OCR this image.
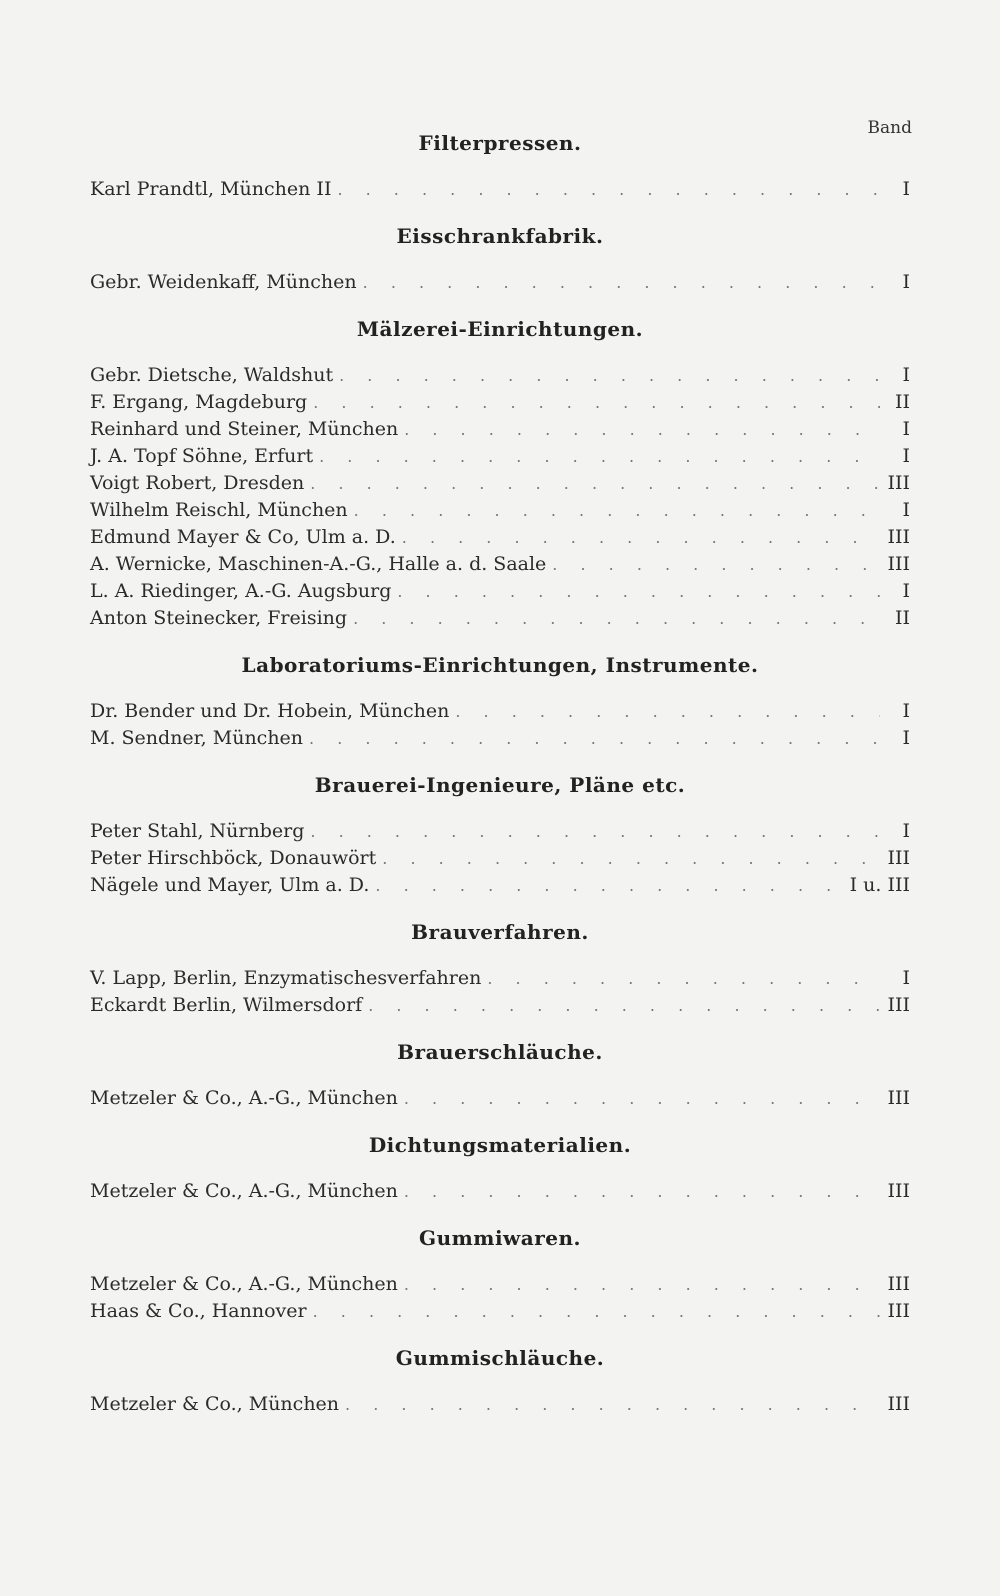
Band
Filterpressen.
Karl Prandtl, München II . . .	I
Eisschrankfabrik.
Gebr. Weidenkaff, München . . .	I
Mälzerei-Einrichtungen.
Gebr. Dietsche, Waldshut . . .	I
F. Ergang, Magdeburg . . .	II
Reinhard und Steiner, München . . .	I
J. A. Topf Söhne, Erfurt . . .	I
Voigt Robert, Dresden . . .	III
Wilhelm Reischl, München . . .	I
Edmund Mayer & Co, Ulm a. D. . . .	III
A. Wernicke, Maschinen-A.-G., Halle a. d. Saale . . .	III
L. A. Riedinger, A.-G. Augsburg . . .	I
Anton Steinecker, Freising . . .	II
Laboratoriums-Einrichtungen, Instrumente.
Dr. Bender und Dr. Hobein, München . . .	I
M. Sendner, München . . .	I
Brauerei-Ingenieure, Pläne etc.
Peter Stahl, Nürnberg . . .	I
Peter Hirschböck, Donauwört . . .	III
Nägele und Mayer, Ulm a. D. . . .	I u. III
Brauverfahren.
V. Lapp, Berlin, Enzymatischesverfahren . . .	I
Eckardt Berlin, Wilmersdorf . . .	III
Brauerschläuche.
Metzeler & Co., A.-G., München . . .	III
Dichtungsmaterialien.
Metzeler & Co., A.-G., München . . .	III
Gummiwaren.
Metzeler & Co., A.-G., München . . .	III
Haas & Co., Hannover . . .	III
Gummischläuche.
Metzeler & Co., München . . .	III
